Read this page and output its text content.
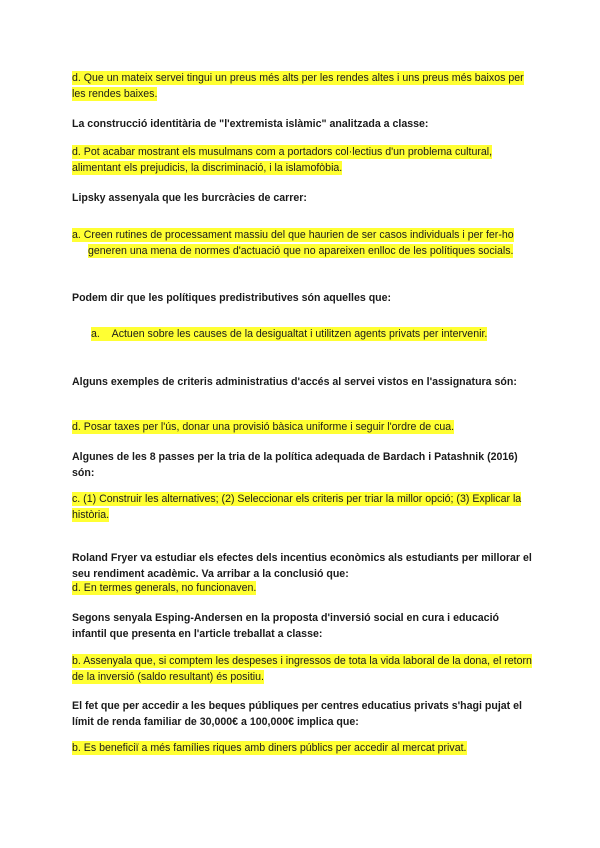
d. Que un mateix servei tingui un preus més alts per les rendes altes i uns preus més baixos per les rendes baixes.
La construcció identitària de "l'extremista islàmic" analitzada a classe:
d. Pot acabar mostrant els musulmans com a portadors col·lectius d'un problema cultural, alimentant els prejudicis, la discriminació, i la islamofòbia.
Lipsky assenyala que les burcràcies de carrer:
a. Creen rutines de processament massiu del que haurien de ser casos individuals i per fer-ho generen una mena de normes d'actuació que no apareixen enlloc de les polítiques socials.
Podem dir que les polítiques predistributives són aquelles que:
a. Actuen sobre les causes de la desigualtat i utilitzen agents privats per intervenir.
Alguns exemples de criteris administratius d'accés al servei vistos en l'assignatura són:
d. Posar taxes per l'ús, donar una provisió bàsica uniforme i seguir l'ordre de cua.
Algunes de les 8 passes per la tria de la política adequada de Bardach i Patashnik (2016) són:
c. (1) Construir les alternatives; (2) Seleccionar els criteris per triar la millor opció; (3) Explicar la història.
Roland Fryer va estudiar els efectes dels incentius econòmics als estudiants per millorar el seu rendiment acadèmic. Va arribar a la conclusió que:
d. En termes generals, no funcionaven.
Segons senyala Esping-Andersen en la proposta d'inversió social en cura i educació infantil que presenta en l'article treballat a classe:
b. Assenyala que, si comptem les despeses i ingressos de tota la vida laboral de la dona, el retorn de la inversió (saldo resultant) és positiu.
El fet que per accedir a les beques públiques per centres educatius privats s'hagi pujat el límit de renda familiar de 30,000€ a 100,000€ implica que:
b. Es beneficiï a més famílies riques amb diners públics per accedir al mercat privat.
